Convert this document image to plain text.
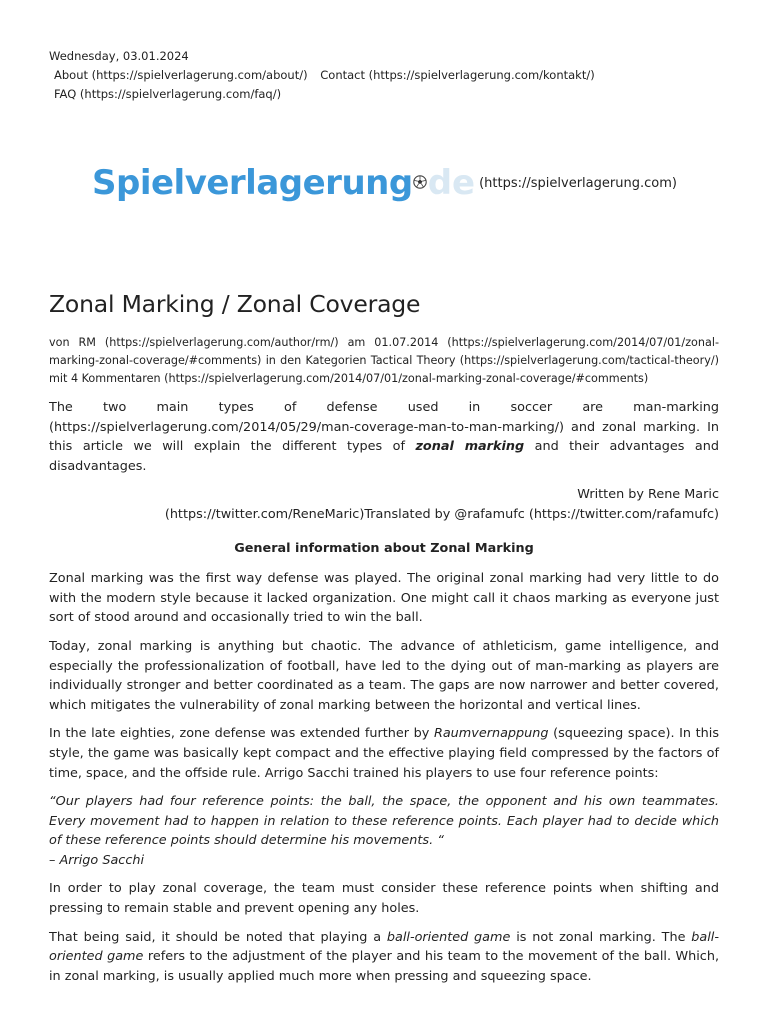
Wednesday, 03.01.2024
About (https://spielverlagerung.com/about/) Contact (https://spielverlagerung.com/kontakt/)
FAQ (https://spielverlagerung.com/faq/)
Spielverlagerung de (https://spielverlagerung.com)
Zonal Marking / Zonal Coverage
von RM (https://spielverlagerung.com/author/rm/) am 01.07.2014 (https://spielverlagerung.com/2014/07/01/zonal-marking-zonal-coverage/#comments) in den Kategorien Tactical Theory (https://spielverlagerung.com/tactical-theory/) mit 4 Kommentaren (https://spielverlagerung.com/2014/07/01/zonal-marking-zonal-coverage/#comments)

The two main types of defense used in soccer are man-marking (https://spielverlagerung.com/2014/05/29/man-coverage-man-to-man-marking/) and zonal marking. In this article we will explain the different types of zonal marking and their advantages and disadvantages.

Written by Rene Maric
(https://twitter.com/ReneMaric)Translated by @rafamufc (https://twitter.com/rafamufc)

General information about Zonal Marking

Zonal marking was the first way defense was played. The original zonal marking had very little to do with the modern style because it lacked organization. One might call it chaos marking as everyone just sort of stood around and occasionally tried to win the ball.

Today, zonal marking is anything but chaotic. The advance of athleticism, game intelligence, and especially the professionalization of football, have led to the dying out of man-marking as players are individually stronger and better coordinated as a team. The gaps are now narrower and better covered, which mitigates the vulnerability of zonal marking between the horizontal and vertical lines.

In the late eighties, zone defense was extended further by Raumvernappung (squeezing space). In this style, the game was basically kept compact and the effective playing field compressed by the factors of time, space, and the offside rule. Arrigo Sacchi trained his players to use four reference points:

“Our players had four reference points: the ball, the space, the opponent and his own teammates. Every movement had to happen in relation to these reference points. Each player had to decide which of these reference points should determine his movements. “
– Arrigo Sacchi

In order to play zonal coverage, the team must consider these reference points when shifting and pressing to remain stable and prevent opening any holes.

That being said, it should be noted that playing a ball-oriented game is not zonal marking. The ball-oriented game refers to the adjustment of the player and his team to the movement of the ball. Which, in zonal marking, is usually applied much more when pressing and squeezing space.
